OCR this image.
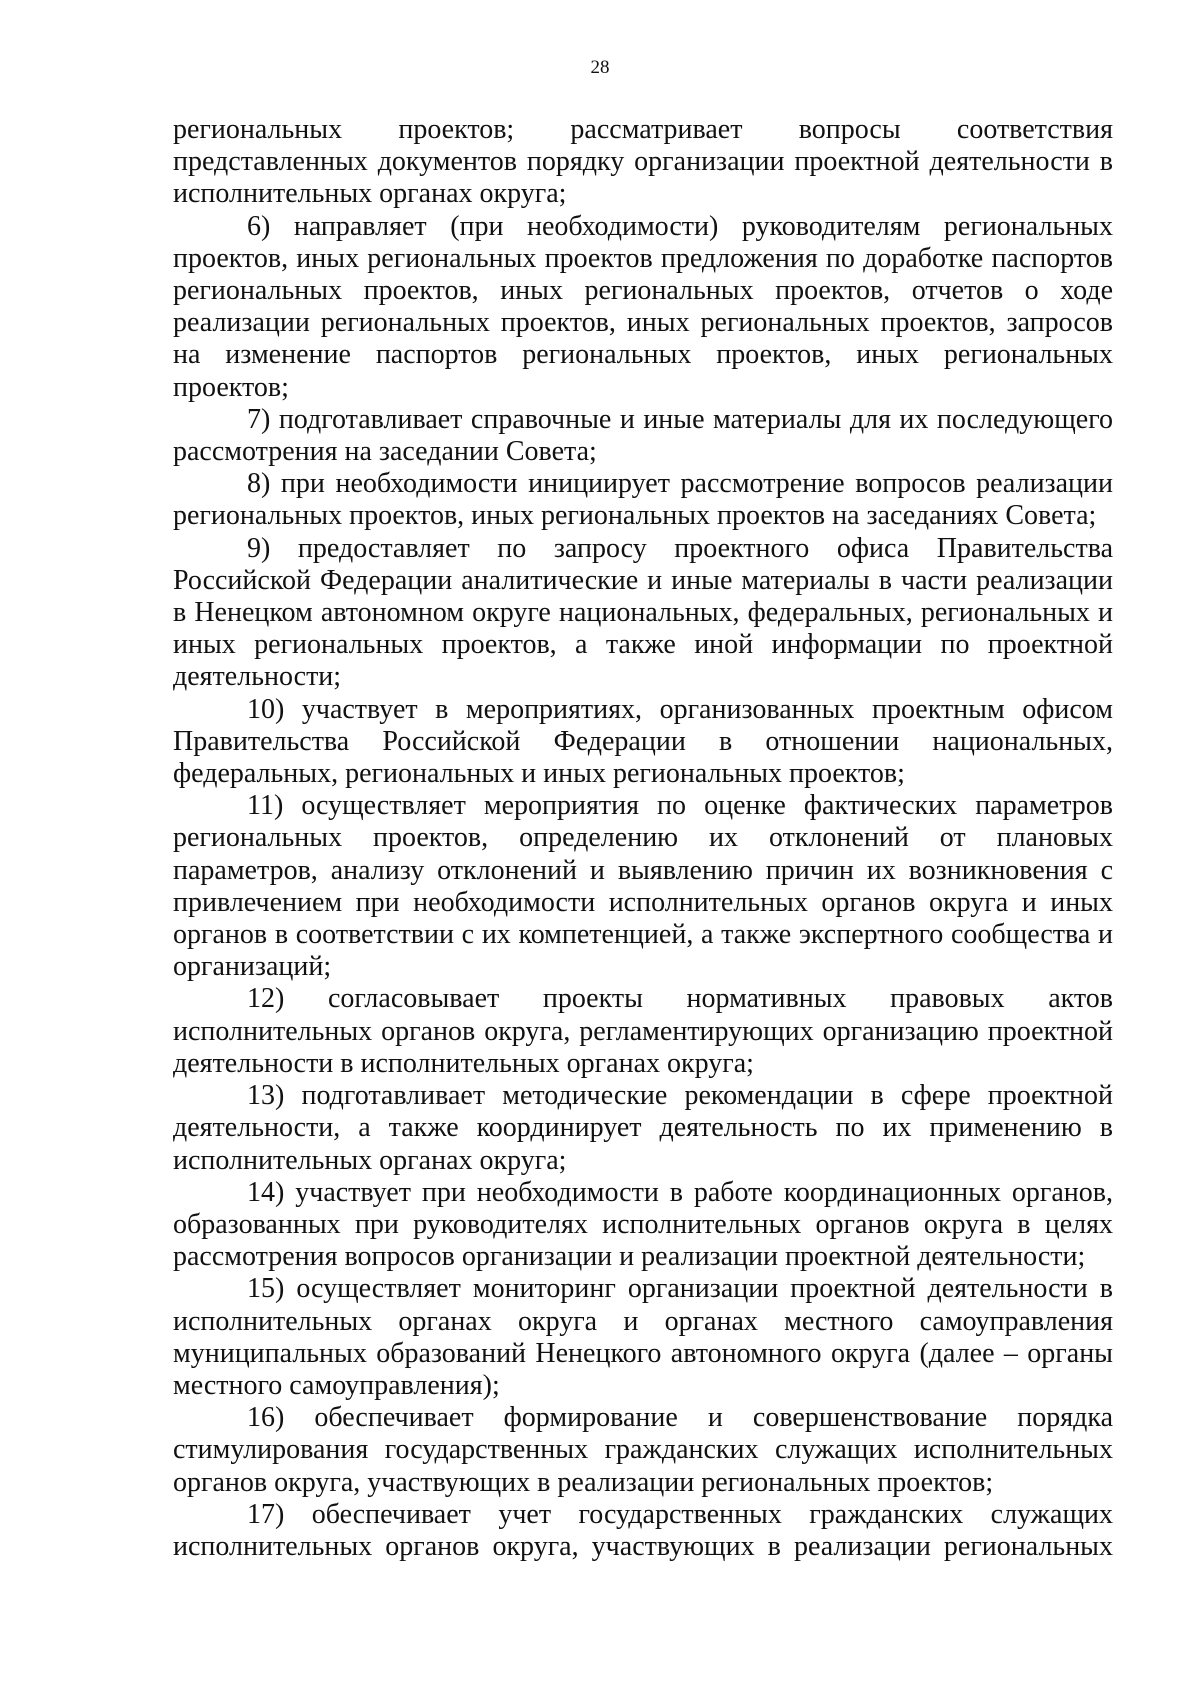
28

региональных проектов; рассматривает вопросы соответствия представленных документов порядку организации проектной деятельности в исполнительных органах округа;

6) направляет (при необходимости) руководителям региональных проектов, иных региональных проектов предложения по доработке паспортов региональных проектов, иных региональных проектов, отчетов о ходе реализации региональных проектов, иных региональных проектов, запросов на изменение паспортов региональных проектов, иных региональных проектов;

7) подготавливает справочные и иные материалы для их последующего рассмотрения на заседании Совета;

8) при необходимости инициирует рассмотрение вопросов реализации региональных проектов, иных региональных проектов на заседаниях Совета;

9) предоставляет по запросу проектного офиса Правительства Российской Федерации аналитические и иные материалы в части реализации в Ненецком автономном округе национальных, федеральных, региональных и иных региональных проектов, а также иной информации по проектной деятельности;

10) участвует в мероприятиях, организованных проектным офисом Правительства Российской Федерации в отношении национальных, федеральных, региональных и иных региональных проектов;

11) осуществляет мероприятия по оценке фактических параметров региональных проектов, определению их отклонений от плановых параметров, анализу отклонений и выявлению причин их возникновения с привлечением при необходимости исполнительных органов округа и иных органов в соответствии с их компетенцией, а также экспертного сообщества и организаций;

12) согласовывает проекты нормативных правовых актов исполнительных органов округа, регламентирующих организацию проектной деятельности в исполнительных органах округа;

13) подготавливает методические рекомендации в сфере проектной деятельности, а также координирует деятельность по их применению в исполнительных органах округа;

14) участвует при необходимости в работе координационных органов, образованных при руководителях исполнительных органов округа в целях рассмотрения вопросов организации и реализации проектной деятельности;

15) осуществляет мониторинг организации проектной деятельности в исполнительных органах округа и органах местного самоуправления муниципальных образований Ненецкого автономного округа (далее – органы местного самоуправления);

16) обеспечивает формирование и совершенствование порядка стимулирования государственных гражданских служащих исполнительных органов округа, участвующих в реализации региональных проектов;

17) обеспечивает учет государственных гражданских служащих исполнительных органов округа, участвующих в реализации региональных
